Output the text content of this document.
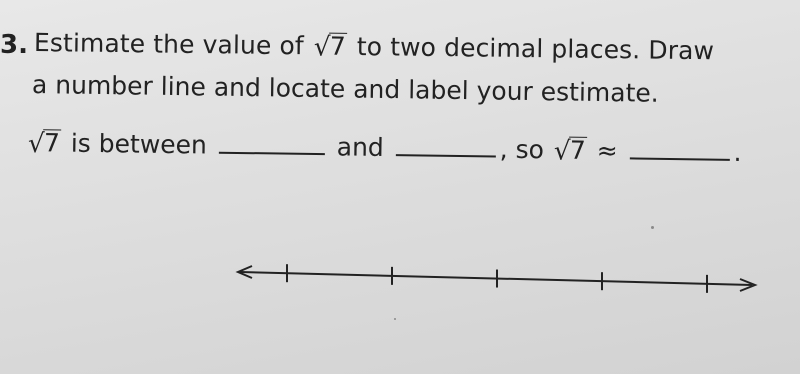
3. Estimate the value of √
7 to two decimal places. Draw
a number line and locate and label your estimate.
√ 7 is between	and	, so √ 7 ≈	.
